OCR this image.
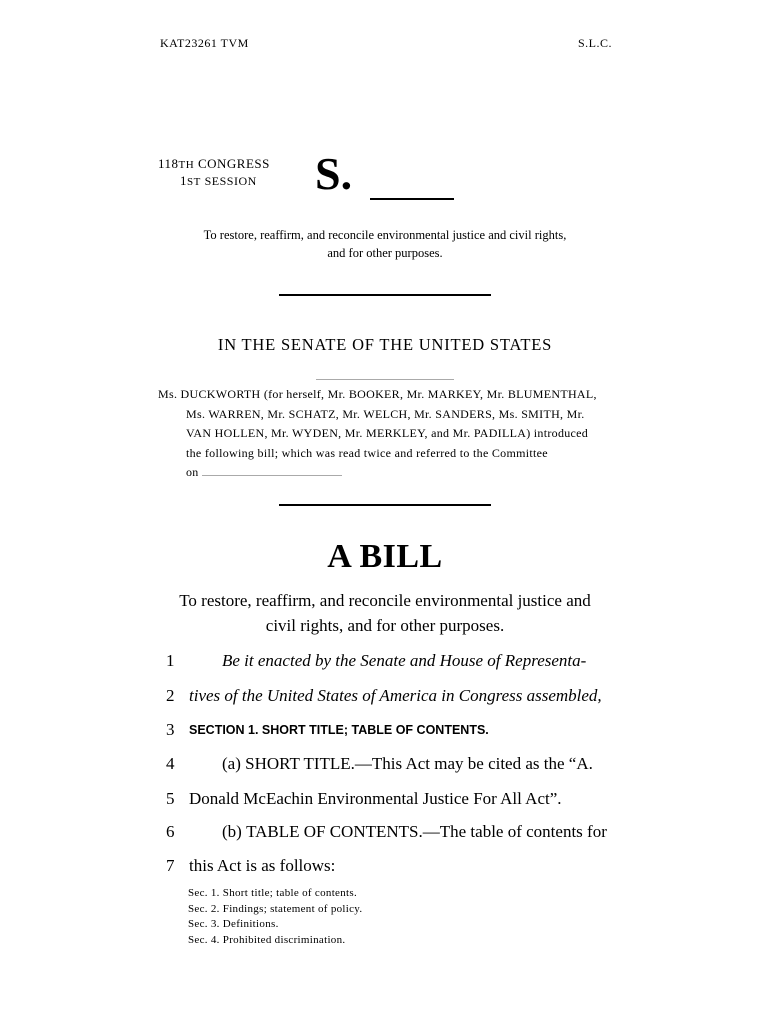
KAT23261 TVM	S.L.C.
118TH CONGRESS
1ST SESSION S.
To restore, reaffirm, and reconcile environmental justice and civil rights,
and for other purposes.
IN THE SENATE OF THE UNITED STATES
Ms. DUCKWORTH (for herself, Mr. BOOKER, Mr. MARKEY, Mr. BLUMENTHAL,
Ms. WARREN, Mr. SCHATZ, Mr. WELCH, Mr. SANDERS, Ms. SMITH, Mr.
VAN HOLLEN, Mr. WYDEN, Mr. MERKLEY, and Mr. PADILLA) introduced
the following bill; which was read twice and referred to the Committee
on
A BILL
To restore, reaffirm, and reconcile environmental justice and
civil rights, and for other purposes.
1	Be it enacted by the Senate and House of Representa-
2 tives of the United States of America in Congress assembled,
3 SECTION 1. SHORT TITLE; TABLE OF CONTENTS.
4	(a) SHORT TITLE.—This Act may be cited as the “A.
5 Donald McEachin Environmental Justice For All Act”.
6	(b) TABLE OF CONTENTS.—The table of contents for
7 this Act is as follows:
Sec. 1. Short title; table of contents.
Sec. 2. Findings; statement of policy.
Sec. 3. Definitions.
Sec. 4. Prohibited discrimination.
